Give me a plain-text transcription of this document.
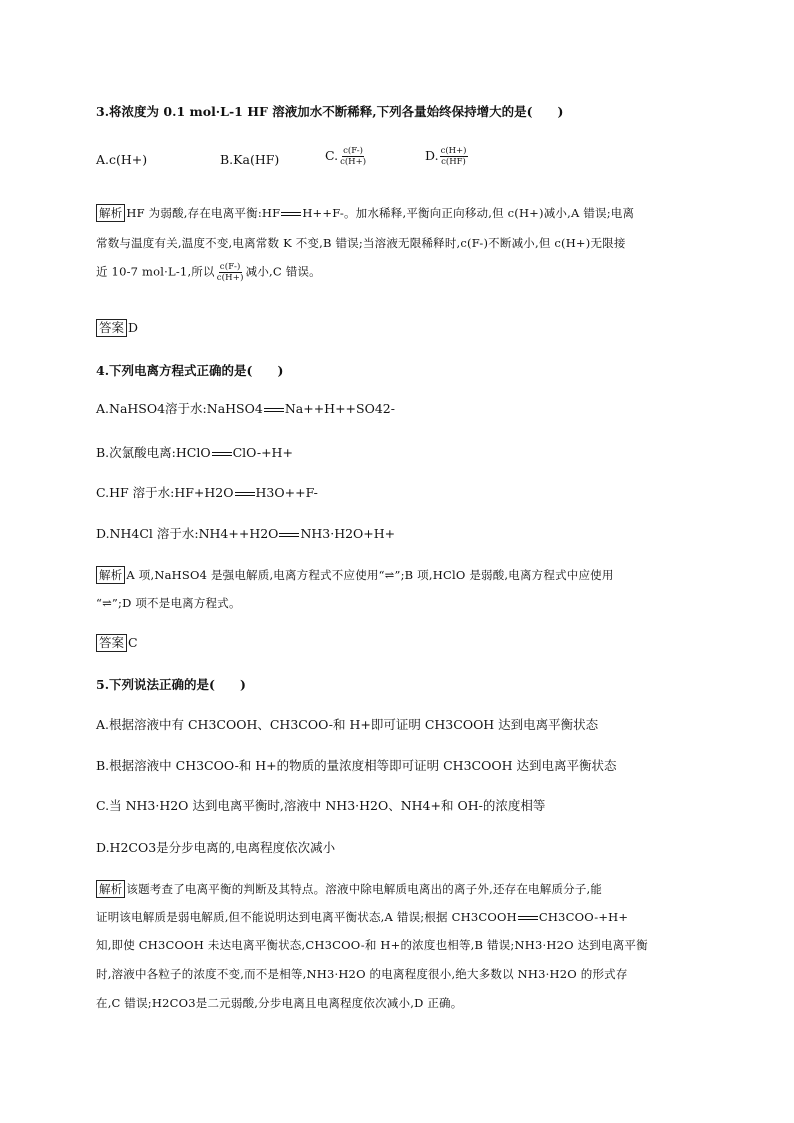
3.将浓度为 0.1 mol·L-1 HF 溶液加水不断稀释,下列各量始终保持增大的是(　　)
A.c(H+)	B.Ka(HF)	C. $\frac{c(F-)}{c(H+)}$	D. $\frac{c(H+)}{c(HF)}$
解析 HF 为弱酸,存在电离平衡:HF H++F-。加水稀释,平衡向正向移动,但 c(H+)减小,A 错误;电离
常数与温度有关,温度不变,电离常数 K 不变,B 错误;当溶液无限稀释时,c(F-)不断减小,但 c(H+)无限接
近 10-7 mol·L-1,所以 $\frac{c(F-)}{c(H+)}$ 减小,C 错误。
答案 D
4.下列电离方程式正确的是(　　)
A.NaHSO4溶于水:NaHSO4 Na++H++SO42-
B.次氯酸电离:HClO ClO-+H+
C.HF 溶于水:HF+H2O H3O++F-
D.NH4Cl 溶于水:NH4++H2O NH3·H2O+H+
解析 A 项,NaHSO4 是强电解质,电离方程式不应使用“⇌”;B 项,HClO 是弱酸,电离方程式中应使用
“⇌”;D 项不是电离方程式。
答案 C
5.下列说法正确的是(　　)
A.根据溶液中有 CH3COOH、CH3COO-和 H+即可证明 CH3COOH 达到电离平衡状态
B.根据溶液中 CH3COO-和 H+的物质的量浓度相等即可证明 CH3COOH 达到电离平衡状态
C.当 NH3·H2O 达到电离平衡时,溶液中 NH3·H2O、NH4+和 OH-的浓度相等
D.H2CO3是分步电离的,电离程度依次减小
解析 该题考查了电离平衡的判断及其特点。溶液中除电解质电离出的离子外,还存在电解质分子,能
证明该电解质是弱电解质,但不能说明达到电离平衡状态,A 错误;根据 CH3COOH CH3COO-+H+
知,即使 CH3COOH 未达电离平衡状态,CH3COO-和 H+的浓度也相等,B 错误;NH3·H2O 达到电离平衡
时,溶液中各粒子的浓度不变,而不是相等,NH3·H2O 的电离程度很小,绝大多数以 NH3·H2O 的形式存
在,C 错误;H2CO3是二元弱酸,分步电离且电离程度依次减小,D 正确。
